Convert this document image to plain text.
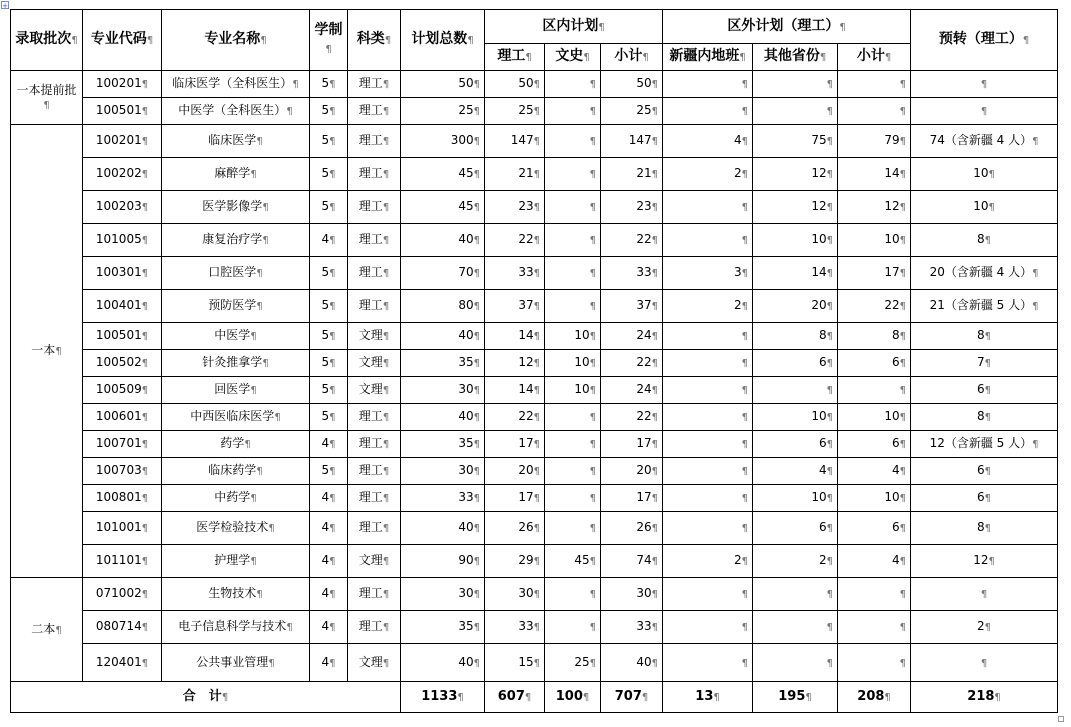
+
录取批次¶	专业代码¶	专业名称¶	学制¶	科类¶	计划总数¶	区内计划¶			区外计划（理工）¶			预转（理工）¶
						理工¶	文史¶	小计¶	新疆内地班¶	其他省份¶	小计¶	
一本提前批¶	100201¶	临床医学（全科医生）¶	5¶	理工¶	50¶	50¶	¶	50¶	¶	¶	¶	¶
	100501¶	中医学（全科医生）¶	5¶	理工¶	25¶	25¶	¶	25¶	¶	¶	¶	¶
一本¶	100201¶	临床医学¶	5¶	理工¶	300¶	147¶	¶	147¶	4¶	75¶	79¶	74（含新疆 4 人）¶
	100202¶	麻醉学¶	5¶	理工¶	45¶	21¶	¶	21¶	2¶	12¶	14¶	10¶
	100203¶	医学影像学¶	5¶	理工¶	45¶	23¶	¶	23¶	¶	12¶	12¶	10¶
	101005¶	康复治疗学¶	4¶	理工¶	40¶	22¶	¶	22¶	¶	10¶	10¶	8¶
	100301¶	口腔医学¶	5¶	理工¶	70¶	33¶	¶	33¶	3¶	14¶	17¶	20（含新疆 4 人）¶
	100401¶	预防医学¶	5¶	理工¶	80¶	37¶	¶	37¶	2¶	20¶	22¶	21（含新疆 5 人）¶
	100501¶	中医学¶	5¶	文理¶	40¶	14¶	10¶	24¶	¶	8¶	8¶	8¶
	100502¶	针灸推拿学¶	5¶	文理¶	35¶	12¶	10¶	22¶	¶	6¶	6¶	7¶
	100509¶	回医学¶	5¶	文理¶	30¶	14¶	10¶	24¶	¶	¶	¶	6¶
	100601¶	中西医临床医学¶	5¶	理工¶	40¶	22¶	¶	22¶	¶	10¶	10¶	8¶
	100701¶	药学¶	4¶	理工¶	35¶	17¶	¶	17¶	¶	6¶	6¶	12（含新疆 5 人）¶
	100703¶	临床药学¶	5¶	理工¶	30¶	20¶	¶	20¶	¶	4¶	4¶	6¶
	100801¶	中药学¶	4¶	理工¶	33¶	17¶	¶	17¶	¶	10¶	10¶	6¶
	101001¶	医学检验技术¶	4¶	理工¶	40¶	26¶	¶	26¶	¶	6¶	6¶	8¶
	101101¶	护理学¶	4¶	文理¶	90¶	29¶	45¶	74¶	2¶	2¶	4¶	12¶
二本¶	071002¶	生物技术¶	4¶	理工¶	30¶	30¶	¶	30¶	¶	¶	¶	¶
	080714¶	电子信息科学与技术¶	4¶	理工¶	35¶	33¶	¶	33¶	¶	¶	¶	2¶
	120401¶	公共事业管理¶	4¶	文理¶	40¶	15¶	25¶	40¶	¶	¶	¶	¶
合　计¶					1133¶	607¶	100¶	707¶	13¶	195¶	208¶	218¶
